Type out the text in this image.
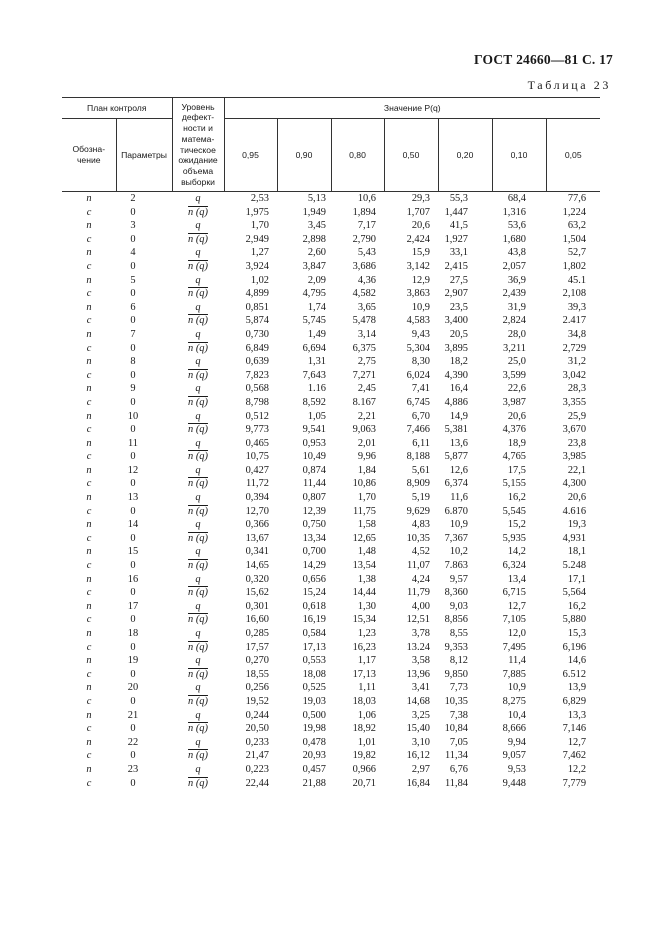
ГОСТ 24660—81 С. 17
Таблица 23
План контроля		Уровень дефект-ности и матема-тическое ожидание объема выборки	Значение P(q)						
Обозна-чение	Параметры		0,95	0,90	0,80	0,50	0,20	0,10	0,05
n	2	q	2,53	5,13	10,6	29,3	55,3	68,4	77,6
c	0	n (q)	1,975	1,949	1,894	1,707	1,447	1,316	1,224
n	3	q	1,70	3,45	7,17	20,6	41,5	53,6	63,2
c	0	n (q)	2,949	2,898	2,790	2,424	1,927	1,680	1,504
n	4	q	1,27	2,60	5,43	15,9	33,1	43,8	52,7
c	0	n (q)	3,924	3,847	3,686	3,142	2,415	2,057	1,802
n	5	q	1,02	2,09	4,36	12,9	27,5	36,9	45.1
c	0	n (q)	4,899	4,795	4,582	3,863	2,907	2,439	2,108
n	6	q	0,851	1,74	3,65	10,9	23,5	31,9	39,3
c	0	n (q)	5,874	5,745	5,478	4,583	3,400	2,824	2.417
n	7	q	0,730	1,49	3,14	9,43	20,5	28,0	34,8
c	0	n (q)	6,849	6,694	6,375	5,304	3,895	3,211	2,729
n	8	q	0,639	1,31	2,75	8,30	18,2	25,0	31,2
c	0	n (q)	7,823	7,643	7,271	6,024	4,390	3,599	3,042
n	9	q	0,568	1.16	2,45	7,41	16,4	22,6	28,3
c	0	n (q)	8,798	8,592	8.167	6,745	4,886	3,987	3,355
n	10	q	0,512	1,05	2,21	6,70	14,9	20,6	25,9
c	0	n (q)	9,773	9,541	9,063	7,466	5,381	4,376	3,670
n	11	q	0,465	0,953	2,01	6,11	13,6	18,9	23,8
c	0	n (q)	10,75	10,49	9,96	8,188	5,877	4,765	3,985
n	12	q	0,427	0,874	1,84	5,61	12,6	17,5	22,1
c	0	n (q)	11,72	11,44	10,86	8,909	6,374	5,155	4,300
n	13	q	0,394	0,807	1,70	5,19	11,6	16,2	20,6
c	0	n (q)	12,70	12,39	11,75	9,629	6.870	5,545	4.616
n	14	q	0,366	0,750	1,58	4,83	10,9	15,2	19,3
c	0	n (q)	13,67	13,34	12,65	10,35	7,367	5,935	4,931
n	15	q	0,341	0,700	1,48	4,52	10,2	14,2	18,1
c	0	n (q)	14,65	14,29	13,54	11,07	7.863	6,324	5.248
n	16	q	0,320	0,656	1,38	4,24	9,57	13,4	17,1
c	0	n (q)	15,62	15,24	14,44	11,79	8,360	6,715	5,564
n	17	q	0,301	0,618	1,30	4,00	9,03	12,7	16,2
c	0	n (q)	16,60	16,19	15,34	12,51	8,856	7,105	5,880
n	18	q	0,285	0,584	1,23	3,78	8,55	12,0	15,3
c	0	n (q)	17,57	17,13	16,23	13.24	9,353	7,495	6,196
n	19	q	0,270	0,553	1,17	3,58	8,12	11,4	14,6
c	0	n (q)	18,55	18,08	17,13	13,96	9,850	7,885	6.512
n	20	q	0,256	0,525	1,11	3,41	7,73	10,9	13,9
c	0	n (q)	19,52	19,03	18,03	14,68	10,35	8,275	6,829
n	21	q	0,244	0,500	1,06	3,25	7,38	10,4	13,3
c	0	n (q)	20,50	19,98	18,92	15,40	10,84	8,666	7,146
n	22	q	0,233	0,478	1,01	3,10	7,05	9,94	12,7
c	0	n (q)	21,47	20,93	19,82	16,12	11,34	9,057	7,462
n	23	q	0,223	0,457	0,966	2,97	6,76	9,53	12,2
c	0	n (q)	22,44	21,88	20,71	16,84	11,84	9,448	7,779
